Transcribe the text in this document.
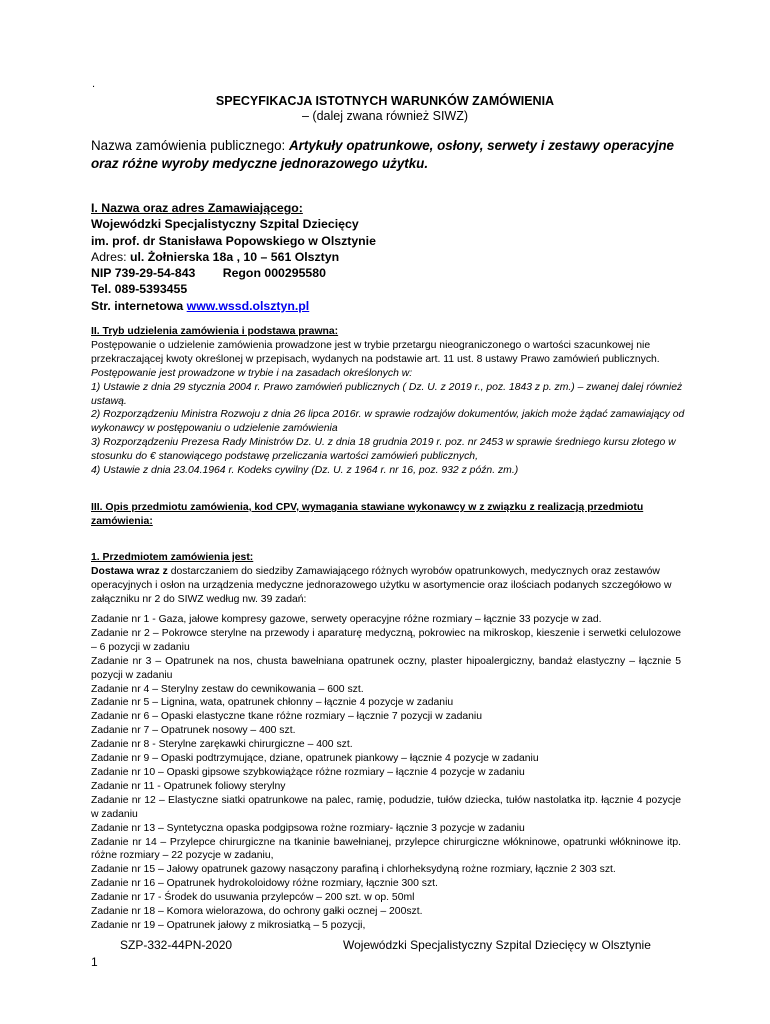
.
SPECYFIKACJA ISTOTNYCH WARUNKÓW ZAMÓWIENIA
– (dalej zwana również SIWZ)
Nazwa zamówienia publicznego: Artykuły opatrunkowe, osłony, serwety i zestawy operacyjne oraz różne wyroby medyczne jednorazowego użytku.
I. Nazwa oraz adres Zamawiającego:
Wojewódzki Specjalistyczny Szpital Dziecięcy
im. prof. dr Stanisława Popowskiego w Olsztynie
Adres: ul. Żołnierska 18a , 10 – 561 Olsztyn
NIP 739-29-54-843        Regon 000295580
Tel. 089-5393455
Str. internetowa www.wssd.olsztyn.pl
II. Tryb udzielenia zamówienia i podstawa prawna:
Postępowanie o udzielenie zamówienia prowadzone jest w trybie przetargu nieograniczonego o wartości szacunkowej nie przekraczającej kwoty określonej w przepisach, wydanych na podstawie art. 11 ust. 8 ustawy Prawo zamówień publicznych.
Postępowanie jest prowadzone w trybie i na zasadach określonych w:
1) Ustawie z dnia 29 stycznia 2004 r. Prawo zamówień publicznych ( Dz. U. z 2019 r., poz. 1843 z p. zm.) – zwanej dalej również ustawą.
2) Rozporządzeniu Ministra Rozwoju z dnia 26 lipca 2016r. w sprawie rodzajów dokumentów, jakich może żądać zamawiający od wykonawcy w postępowaniu o udzielenie zamówienia
3) Rozporządzeniu Prezesa Rady Ministrów Dz. U. z dnia 18 grudnia 2019 r. poz. nr 2453 w sprawie średniego kursu złotego w stosunku do € stanowiącego podstawę przeliczania wartości zamówień publicznych,
4) Ustawie z dnia 23.04.1964 r. Kodeks cywilny (Dz. U. z 1964 r. nr 16, poz. 932 z późn. zm.)
III. Opis przedmiotu zamówienia, kod CPV, wymagania stawiane wykonawcy w z związku z realizacją przedmiotu zamówienia:
1. Przedmiotem zamówienia jest:
Dostawa wraz z dostarczaniem do siedziby Zamawiającego różnych wyrobów opatrunkowych, medycznych oraz zestawów operacyjnych i osłon na urządzenia medyczne jednorazowego użytku w asortymencie oraz ilościach podanych szczegółowo w załączniku nr 2 do SIWZ według nw. 39 zadań:
Zadanie nr 1 - Gaza, jałowe kompresy gazowe, serwety operacyjne różne rozmiary – łącznie 33 pozycje w zad.
Zadanie nr 2 – Pokrowce sterylne na przewody i aparaturę medyczną, pokrowiec na mikroskop, kieszenie i serwetki celulozowe – 6 pozycji w zadaniu
Zadanie nr 3 – Opatrunek na nos, chusta bawełniana opatrunek oczny, plaster hipoalergiczny, bandaż elastyczny – łącznie 5 pozycji w zadaniu
Zadanie nr 4 – Sterylny zestaw do cewnikowania – 600 szt.
Zadanie nr 5 – Lignina, wata, opatrunek chłonny – łącznie 4 pozycje w zadaniu
Zadanie nr 6 – Opaski elastyczne tkane różne rozmiary – łącznie 7 pozycji w zadaniu
Zadanie nr 7 – Opatrunek nosowy – 400 szt.
Zadanie nr 8 - Sterylne zarękawki chirurgiczne – 400 szt.
Zadanie nr 9 – Opaski podtrzymujące, dziane, opatrunek piankowy – łącznie 4 pozycje w zadaniu
Zadanie nr 10 – Opaski gipsowe szybkowiążące różne rozmiary – łącznie 4 pozycje w zadaniu
Zadanie nr 11 - Opatrunek foliowy sterylny
Zadanie nr 12 – Elastyczne siatki opatrunkowe na palec, ramię, podudzie, tułów dziecka, tułów nastolatka itp. łącznie 4 pozycje w zadaniu
Zadanie nr 13 – Syntetyczna opaska podgipsowa rożne rozmiary- łącznie 3 pozycje w zadaniu
Zadanie nr 14 – Przylepce chirurgiczne na tkaninie bawełnianej, przylepce chirurgiczne włókninowe, opatrunki włókninowe itp. różne rozmiary – 22 pozycje w zadaniu,
Zadanie nr 15 – Jałowy opatrunek gazowy nasączony parafiną i chlorheksydyną rożne rozmiary, łącznie 2 303 szt.
Zadanie nr 16 – Opatrunek hydrokoloidowy różne rozmiary, łącznie 300 szt.
Zadanie nr 17 - Środek do usuwania przylepców – 200 szt. w op. 50ml
Zadanie nr 18 – Komora wielorazowa, do ochrony gałki ocznej – 200szt.
Zadanie nr 19 – Opatrunek jałowy z mikrosiatką – 5 pozycji,
SZP-332-44PN-2020	Wojewódzki Specjalistyczny Szpital Dziecięcy w Olsztynie
1
